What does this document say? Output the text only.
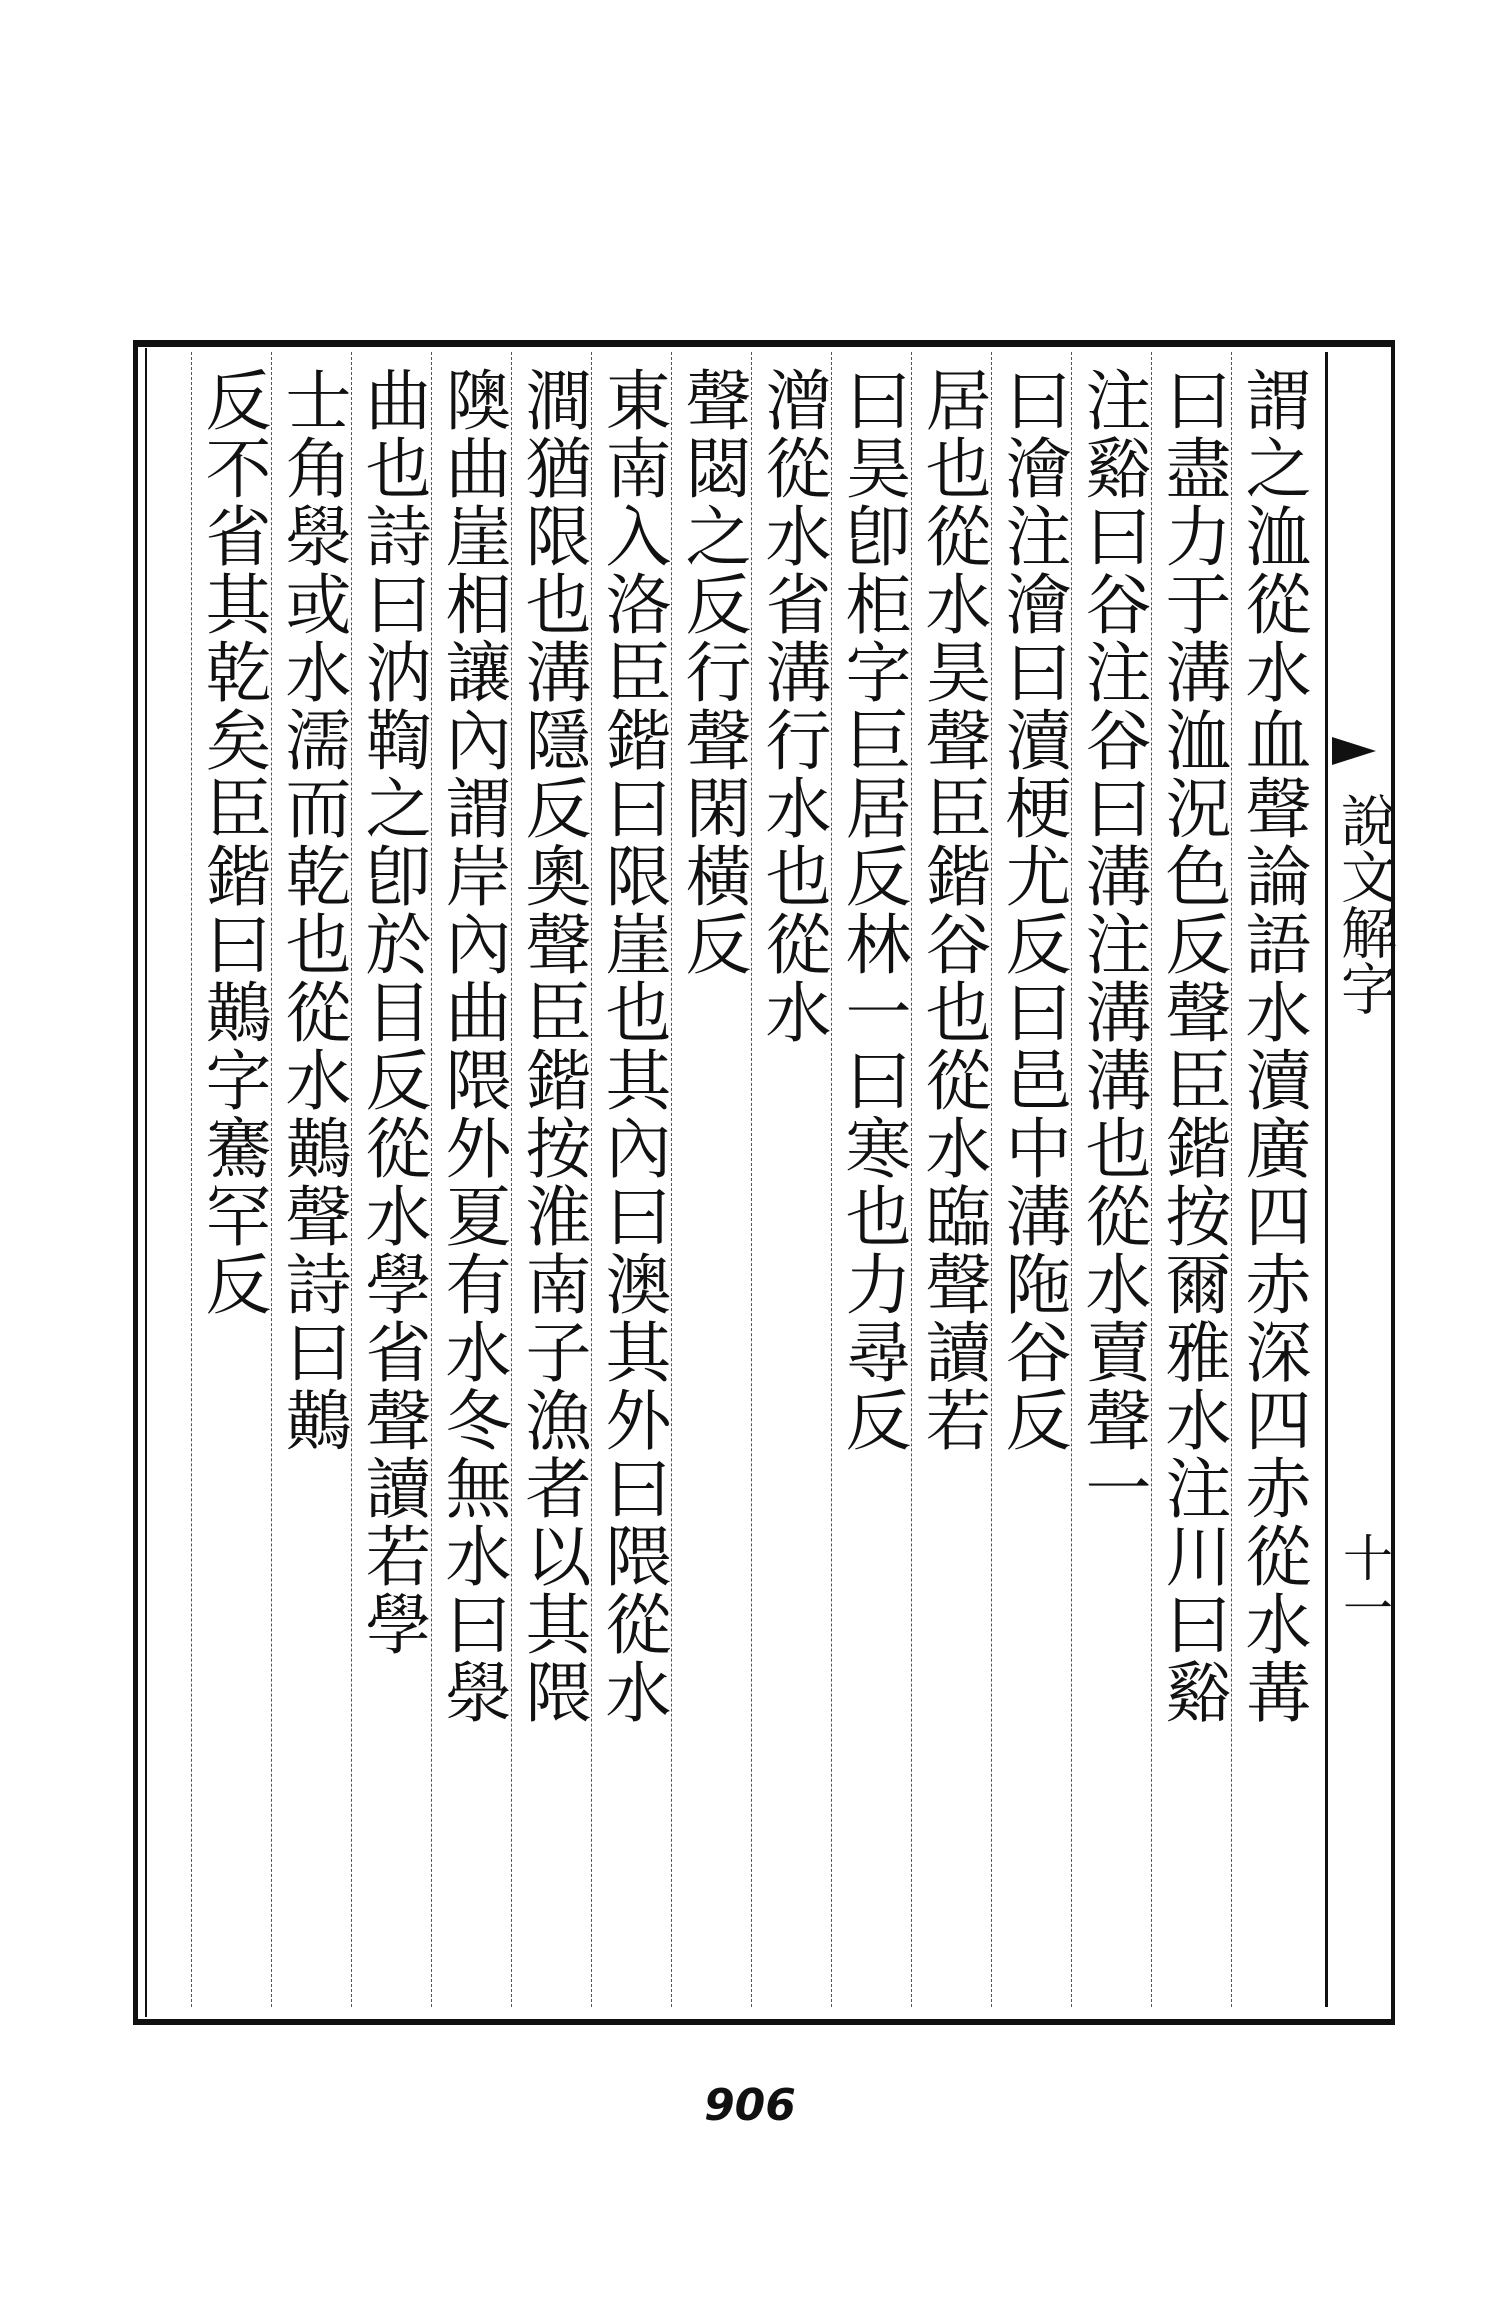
說文解字
十一
謂之洫從水血聲論語水瀆廣四赤深四赤從水冓
曰盡力于溝洫況色反聲臣鍇按爾雅水注川曰谿
注谿曰谷注谷曰溝注溝溝也從水賣聲一
曰澮注澮曰瀆梗尤反曰邑中溝陁谷反
居也從水昊聲臣鍇谷也從水臨聲讀若
曰昊卽柜字巨居反林一曰寒也力尋反
潧從水省溝行水也從水
聲閟之反行聲閑橫反
東南入洛臣鍇曰限崖也其內曰澳其外曰隈從水
澗猶限也溝隱反奧聲臣鍇按淮南子漁者以其隈
隩曲崖相讓內謂岸內曲隈外夏有水冬無水曰澩
曲也詩曰汭鞫之卽於目反從水學省聲讀若學
士角澩或水濡而乾也從水鷬聲詩曰鷬
反不省其乾矣臣鍇曰鷬字騫罕反
906
